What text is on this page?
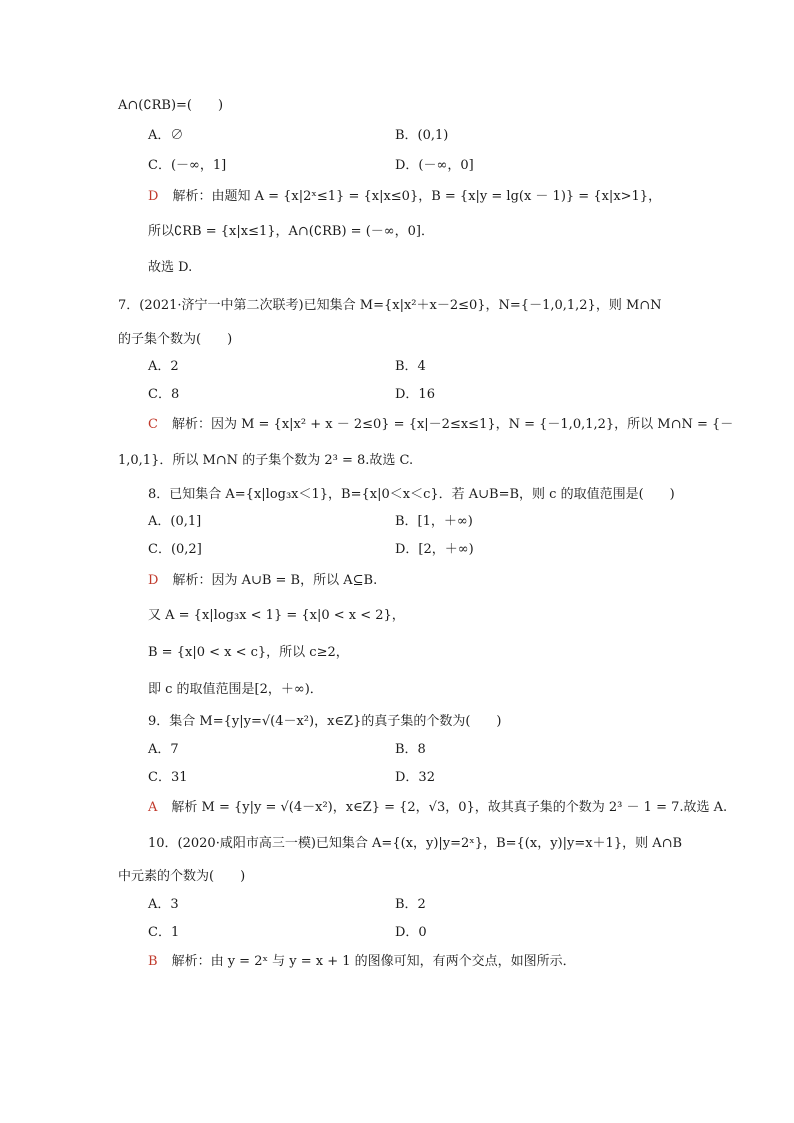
A∩(∁RB)=(　　)
A．∅	B．(0,1)
C．(－∞，1]	D．(－∞，0]
D 解析：由题知 A = {x|2ˣ≤1} = {x|x≤0}，B = {x|y = lg(x － 1)} = {x|x>1}，
所以∁RB = {x|x≤1}，A∩(∁RB) = (－∞，0]．
故选 D.
7．(2021·济宁一中第二次联考)已知集合 M={x|x²＋x－2≤0}，N={－1,0,1,2}，则 M∩N
的子集个数为(　　)
A．2	B．4
C．8	D．16
C 解析：因为 M = {x|x² + x － 2≤0} = {x|－2≤x≤1}，N = {－1,0,1,2}，所以 M∩N = {－
1,0,1}．所以 M∩N 的子集个数为 2³ = 8.故选 C.
8．已知集合 A={x|log₃x＜1}，B={x|0＜x＜c}．若 A∪B=B，则 c 的取值范围是(　　)
A．(0,1]	B．[1，＋∞)
C．(0,2]	D．[2，＋∞)
D 解析：因为 A∪B = B，所以 A⊆B.
又 A = {x|log₃x < 1} = {x|0 < x < 2}，
B = {x|0 < x < c}，所以 c≥2，
即 c 的取值范围是[2，＋∞)．
9．集合 M={y|y=√(4－x²)，x∈Z}的真子集的个数为(　　)
A．7	B．8
C．31	D．32
A 解析 M = {y|y = √(4－x²)，x∈Z} = {2，√3，0}，故其真子集的个数为 2³ － 1 = 7.故选 A.
10．(2020·咸阳市高三一模)已知集合 A={(x，y)|y=2ˣ}，B={(x，y)|y=x＋1}，则 A∩B
中元素的个数为(　　)
A．3	B．2
C．1	D．0
B 解析：由 y = 2ˣ 与 y = x + 1 的图像可知，有两个交点，如图所示．
